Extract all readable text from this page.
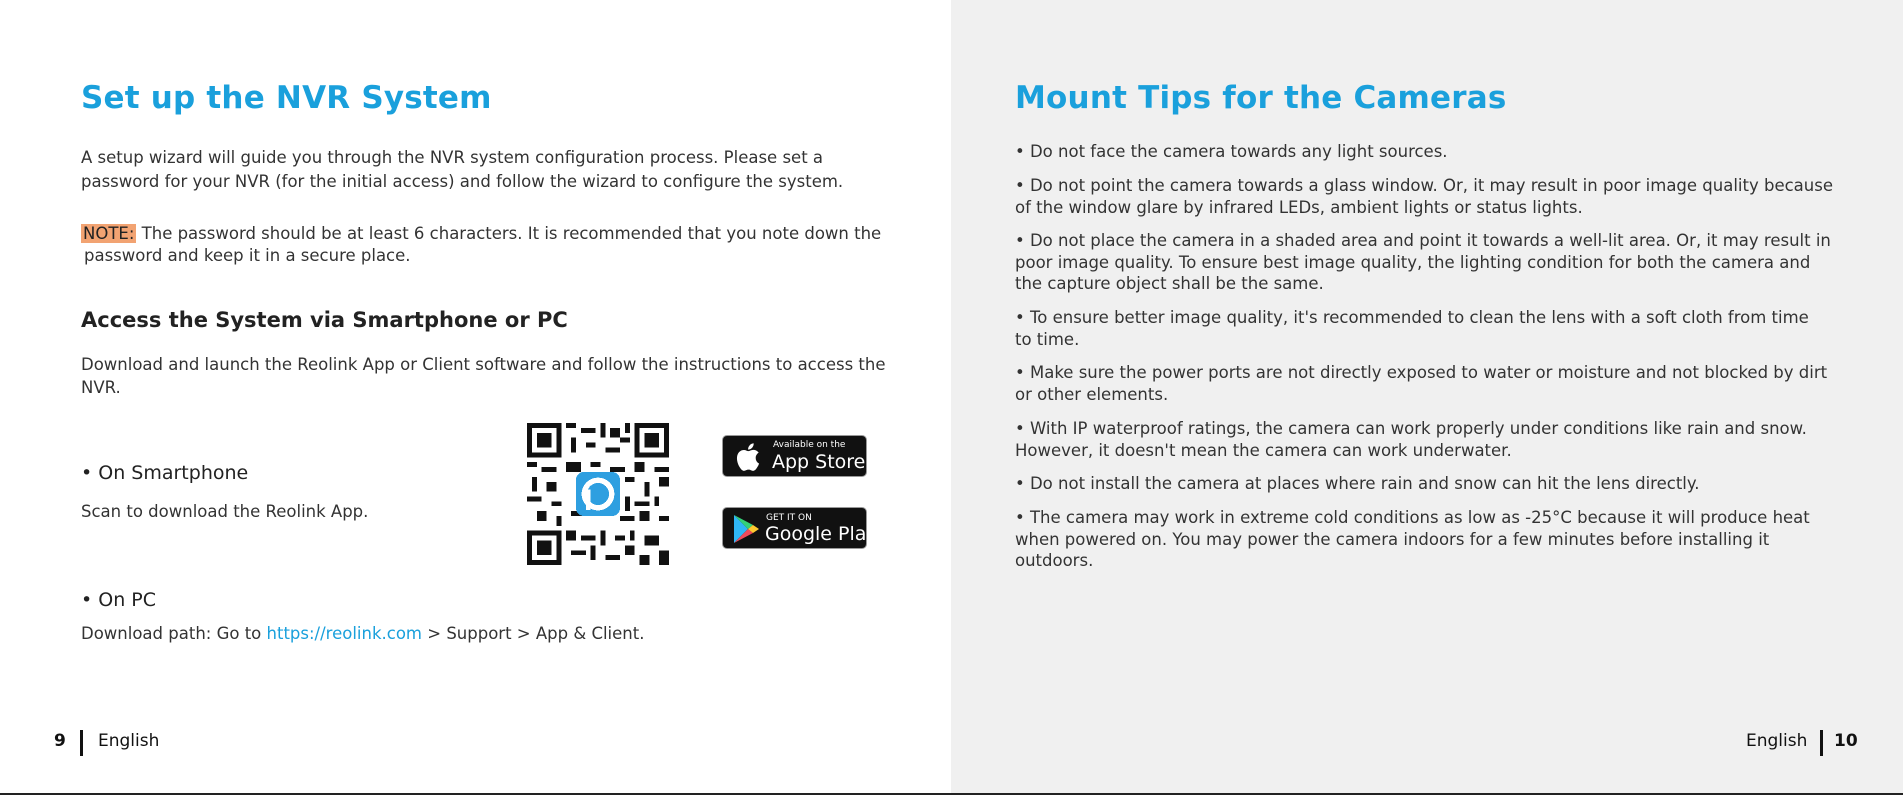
Set up the NVR System

A setup wizard will guide you through the NVR system configuration process. Please set a

password for your NVR (for the initial access) and follow the wizard to configure the system.

NOTE: The password should be at least 6 characters. It is recommended that you note down the

password and keep it in a secure place.

Access the System via Smartphone or PC

Download and launch the Reolink App or Client software and follow the instructions to access the

NVR.

• On Smartphone

Scan to download the Reolink App.

Available on the
App Store
GET IT ON
Google Play
• On PC

Download path: Go to https://reolink.com > Support > App & Client.

9 English
Mount Tips for the Cameras

• Do not face the camera towards any light sources.

• Do not point the camera towards a glass window. Or, it may result in poor image quality because

of the window glare by infrared LEDs, ambient lights or status lights.

• Do not place the camera in a shaded area and point it towards a well-lit area. Or, it may result in

poor image quality. To ensure best image quality, the lighting condition for both the camera and

the capture object shall be the same.

• To ensure better image quality, it's recommended to clean the lens with a soft cloth from time

to time.

• Make sure the power ports are not directly exposed to water or moisture and not blocked by dirt

or other elements.

• With IP waterproof ratings, the camera can work properly under conditions like rain and snow.

However, it doesn't mean the camera can work underwater.

• Do not install the camera at places where rain and snow can hit the lens directly.

• The camera may work in extreme cold conditions as low as -25°C because it will produce heat

when powered on. You may power the camera indoors for a few minutes before installing it

outdoors.

English 10
